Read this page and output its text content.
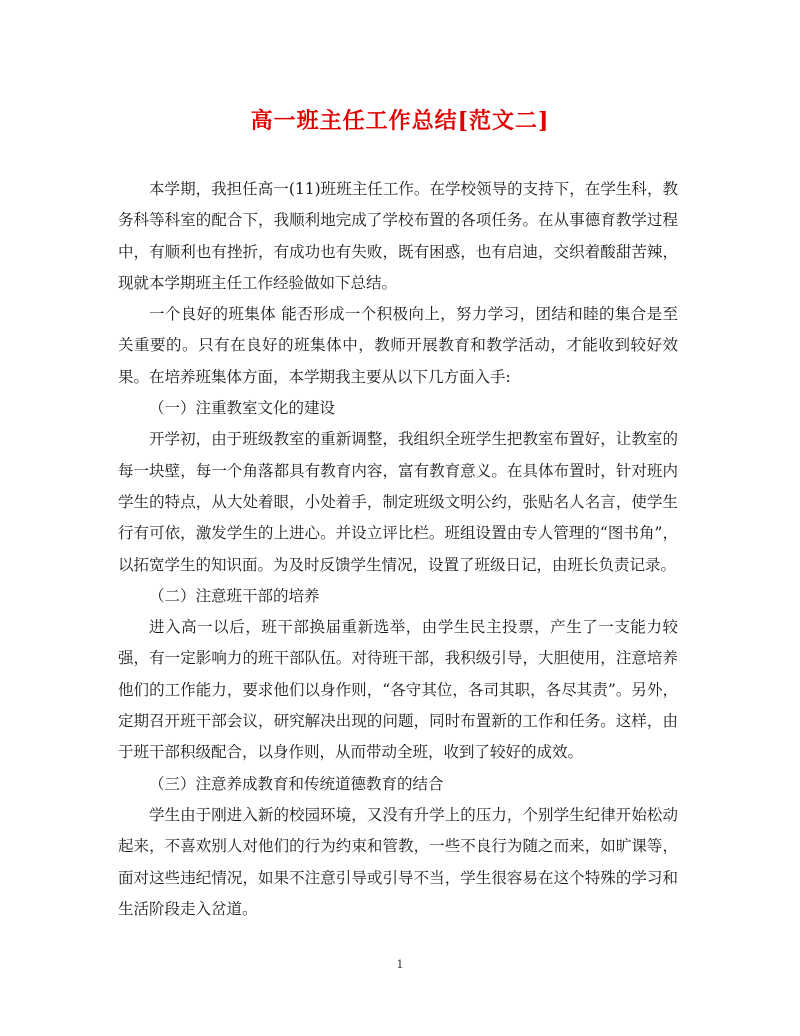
高一班主任工作总结[范文二]

本学期，我担任高一(11)班班主任工作。在学校领导的支持下，在学生科，教务科等科室的配合下，我顺利地完成了学校布置的各项任务。在从事德育教学过程中，有顺利也有挫折，有成功也有失败，既有困惑，也有启迪，交织着酸甜苦辣，现就本学期班主任工作经验做如下总结。

一个良好的班集体 能否形成一个积极向上，努力学习，团结和睦的集合是至关重要的。只有在良好的班集体中，教师开展教育和教学活动，才能收到较好效果。在培养班集体方面，本学期我主要从以下几方面入手:

（一）注重教室文化的建设

开学初，由于班级教室的重新调整，我组织全班学生把教室布置好，让教室的每一块壁，每一个角落都具有教育内容，富有教育意义。在具体布置时，针对班内学生的特点，从大处着眼，小处着手，制定班级文明公约，张贴名人名言，使学生行有可依，激发学生的上进心。并设立评比栏。班组设置由专人管理的“图书角”，以拓宽学生的知识面。为及时反馈学生情况，设置了班级日记，由班长负责记录。

（二）注意班干部的培养

进入高一以后，班干部换届重新选举，由学生民主投票，产生了一支能力较强，有一定影响力的班干部队伍。对待班干部，我积级引导，大胆使用，注意培养他们的工作能力，要求他们以身作则，“各守其位，各司其职，各尽其责”。另外，定期召开班干部会议，研究解决出现的问题，同时布置新的工作和任务。这样，由于班干部积级配合，以身作则，从而带动全班，收到了较好的成效。

（三）注意养成教育和传统道德教育的结合

学生由于刚进入新的校园环境，又没有升学上的压力，个别学生纪律开始松动起来，不喜欢别人对他们的行为约束和管教，一些不良行为随之而来，如旷课等，面对这些违纪情况，如果不注意引导或引导不当，学生很容易在这个特殊的学习和生活阶段走入岔道。

1
